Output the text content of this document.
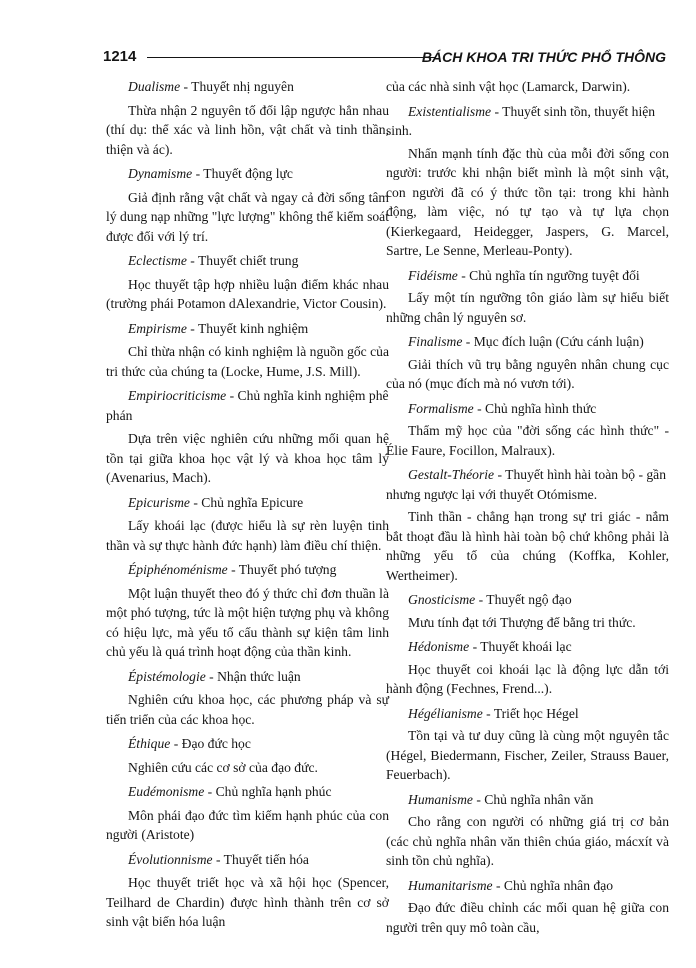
1214	BÁCH KHOA TRI THỨC PHỔ THÔNG

Dualisme - Thuyết nhị nguyên

Thừa nhận 2 nguyên tố đối lập ngược hẳn nhau (thí dụ: thể xác và linh hồn, vật chất và tinh thần, thiện và ác).

Dynamisme - Thuyết động lực

Giả định rằng vật chất và ngay cả đời sống tâm lý dung nạp những "lực lượng" không thể kiểm soát được đối với lý trí.

Eclectisme - Thuyết chiết trung

Học thuyết tập hợp nhiều luận điểm khác nhau (trường phái Potamon dAlexandrie, Victor Cousin).

Empirisme - Thuyết kinh nghiệm

Chỉ thừa nhận có kinh nghiệm là nguồn gốc của tri thức của chúng ta (Locke, Hume, J.S. Mill).

Empiriocriticisme - Chủ nghĩa kinh nghiệm phê phán

Dựa trên việc nghiên cứu những mối quan hệ tồn tại giữa khoa học vật lý và khoa học tâm lý (Avenarius, Mach).

Epicurisme - Chủ nghĩa Epicure

Lấy khoái lạc (được hiểu là sự rèn luyện tinh thần và sự thực hành đức hạnh) làm điều chí thiện.

Épiphénoménisme - Thuyết phó tượng

Một luận thuyết theo đó ý thức chỉ đơn thuần là một phó tượng, tức là một hiện tượng phụ và không có hiệu lực, mà yếu tố cấu thành sự kiện tâm linh chủ yếu là quá trình hoạt động của thần kinh.

Épistémologie - Nhận thức luận

Nghiên cứu khoa học, các phương pháp và sự tiến triển của các khoa học.

Éthique - Đạo đức học

Nghiên cứu các cơ sở của đạo đức.

Eudémonisme - Chủ nghĩa hạnh phúc

Môn phái đạo đức tìm kiếm hạnh phúc của con người (Aristote)

Évolutionnisme - Thuyết tiến hóa

Học thuyết triết học và xã hội học (Spencer, Teilhard de Chardin) được hình thành trên cơ sở sinh vật biến hóa luận

của các nhà sinh vật học (Lamarck, Darwin).

Existentialisme - Thuyết sinh tồn, thuyết hiện sinh.

Nhấn mạnh tính đặc thù của mỗi đời sống con người: trước khi nhận biết mình là một sinh vật, con người đã có ý thức tồn tại: trong khi hành động, làm việc, nó tự tạo và tự lựa chọn (Kierkegaard, Heidegger, Jaspers, G. Marcel, Sartre, Le Senne, Merleau-Ponty).

Fidéisme - Chủ nghĩa tín ngưỡng tuyệt đối

Lấy một tín ngưỡng tôn giáo làm sự hiểu biết những chân lý nguyên sơ.

Finalisme - Mục đích luận (Cứu cánh luận)

Giải thích vũ trụ bằng nguyên nhân chung cục của nó (mục đích mà nó vươn tới).

Formalisme - Chủ nghĩa hình thức

Thẩm mỹ học của "đời sống các hình thức" - Élie Faure, Focillon, Malraux).

Gestalt-Théorie - Thuyết hình hài toàn bộ - gần nhưng ngược lại với thuyết Otómisme.

Tinh thần - chẳng hạn trong sự tri giác - nắm bắt thoạt đầu là hình hài toàn bộ chứ không phải là những yếu tố của chúng (Koffka, Kohler, Wertheimer).

Gnosticisme - Thuyết ngộ đạo

Mưu tính đạt tới Thượng đế bằng tri thức.

Hédonisme - Thuyết khoái lạc

Học thuyết coi khoái lạc là động lực dẫn tới hành động (Fechnes, Frend...).

Hégélianisme - Triết học Hégel

Tồn tại và tư duy cũng là cùng một nguyên tắc (Hégel, Biedermann, Fischer, Zeiler, Strauss Bauer, Feuerbach).

Humanisme - Chủ nghĩa nhân văn

Cho rằng con người có những giá trị cơ bản (các chủ nghĩa nhân văn thiên chúa giáo, mácxít và sinh tồn chủ nghĩa).

Humanitarisme - Chủ nghĩa nhân đạo

Đạo đức điều chỉnh các mối quan hệ giữa con người trên quy mô toàn cầu,
